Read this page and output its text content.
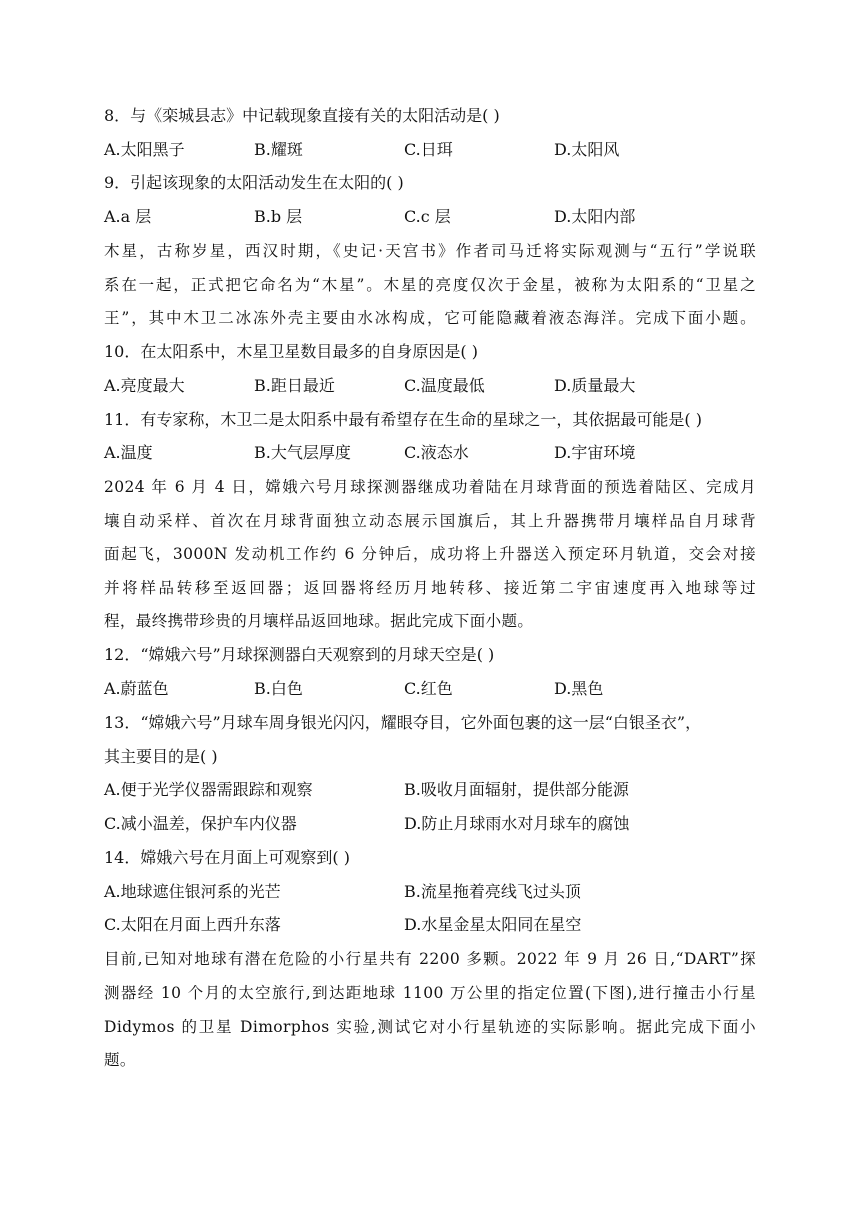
8．与《栾城县志》中记载现象直接有关的太阳活动是( )
A.太阳黑子	B.耀斑	C.日珥	D.太阳风
9．引起该现象的太阳活动发生在太阳的( )
A.a 层	B.b 层	C.c 层	D.太阳内部
木星，古称岁星，西汉时期，《史记·天宫书》作者司马迁将实际观测与“五行”学说联
系在一起，正式把它命名为“木星”。木星的亮度仅次于金星，被称为太阳系的“卫星之
王”，其中木卫二冰冻外壳主要由水冰构成，它可能隐藏着液态海洋。完成下面小题。
10．在太阳系中，木星卫星数目最多的自身原因是( )
A.亮度最大	B.距日最近	C.温度最低	D.质量最大
11．有专家称，木卫二是太阳系中最有希望存在生命的星球之一，其依据最可能是( )
A.温度	B.大气层厚度	C.液态水	D.宇宙环境
2024 年 6 月 4 日，嫦娥六号月球探测器继成功着陆在月球背面的预选着陆区、完成月
壤自动采样、首次在月球背面独立动态展示国旗后，其上升器携带月壤样品自月球背
面起飞，3000N 发动机工作约 6 分钟后，成功将上升器送入预定环月轨道，交会对接
并将样品转移至返回器；返回器将经历月地转移、接近第二宇宙速度再入地球等过
程，最终携带珍贵的月壤样品返回地球。据此完成下面小题。
12．“嫦娥六号”月球探测器白天观察到的月球天空是( )
A.蔚蓝色	B.白色	C.红色	D.黑色
13．“嫦娥六号”月球车周身银光闪闪，耀眼夺目，它外面包裹的这一层“白银圣衣”，
其主要目的是( )
A.便于光学仪器需跟踪和观察	B.吸收月面辐射，提供部分能源
C.减小温差，保护车内仪器	D.防止月球雨水对月球车的腐蚀
14．嫦娥六号在月面上可观察到( )
A.地球遮住银河系的光芒	B.流星拖着亮线飞过头顶
C.太阳在月面上西升东落	D.水星金星太阳同在星空
目前,已知对地球有潜在危险的小行星共有 2200 多颗。2022 年 9 月 26 日,“DART”探
测器经 10 个月的太空旅行,到达距地球 1100 万公里的指定位置(下图),进行撞击小行星
Didymos 的卫星 Dimorphos 实验,测试它对小行星轨迹的实际影响。据此完成下面小
题。
